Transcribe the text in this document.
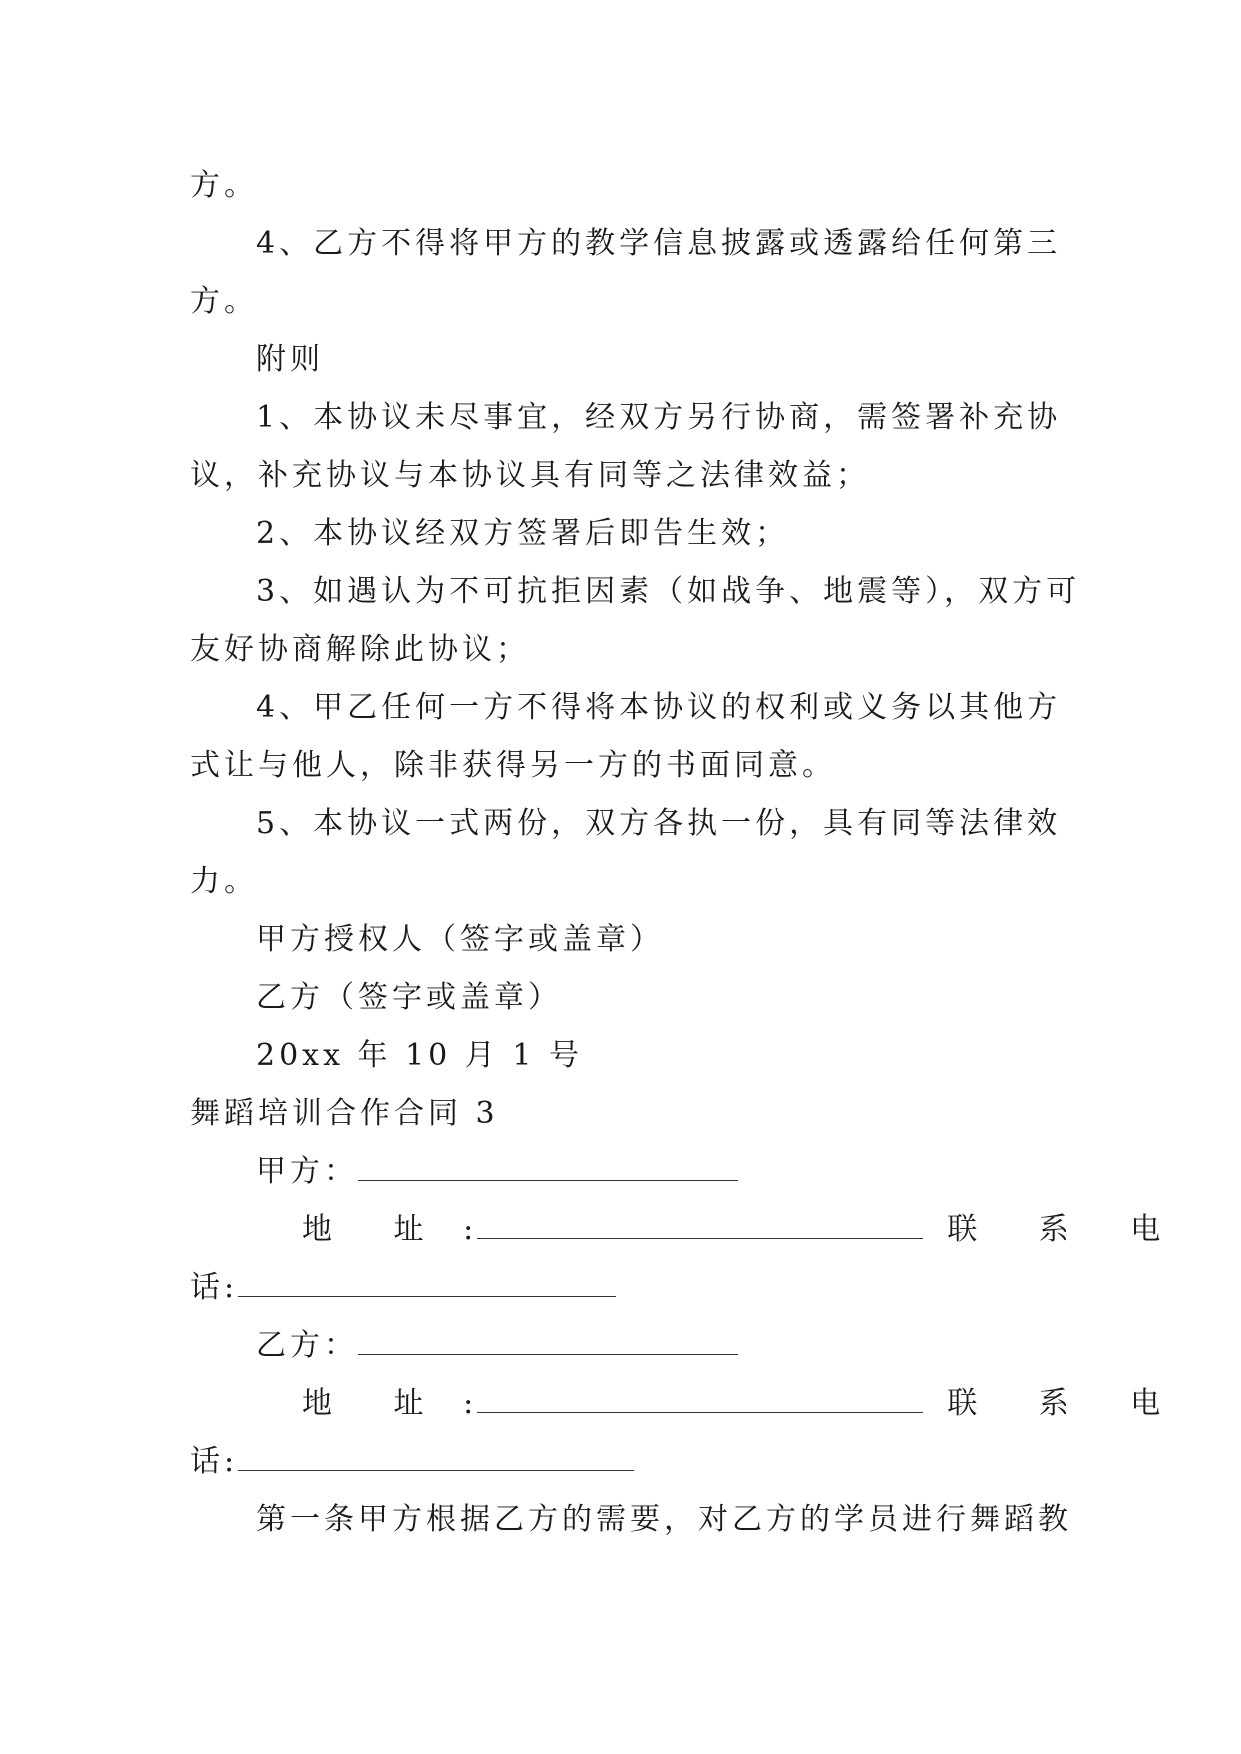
方。
4、乙方不得将甲方的教学信息披露或透露给任何第三
方。
附则
1、本协议未尽事宜，经双方另行协商，需签署补充协
议，补充协议与本协议具有同等之法律效益；
2、本协议经双方签署后即告生效；
3、如遇认为不可抗拒因素（如战争、地震等），双方可
友好协商解除此协议；
4、甲乙任何一方不得将本协议的权利或义务以其他方
式让与他人，除非获得另一方的书面同意。
5、本协议一式两份，双方各执一份，具有同等法律效
力。
甲方授权人（签字或盖章）
乙方（签字或盖章）
20xx 年 10 月 1 号
舞蹈培训合作合同 3
甲方：
地 址 :	联 系 电
话:
乙方：
地 址 :	联 系 电
话:
第一条甲方根据乙方的需要，对乙方的学员进行舞蹈教
